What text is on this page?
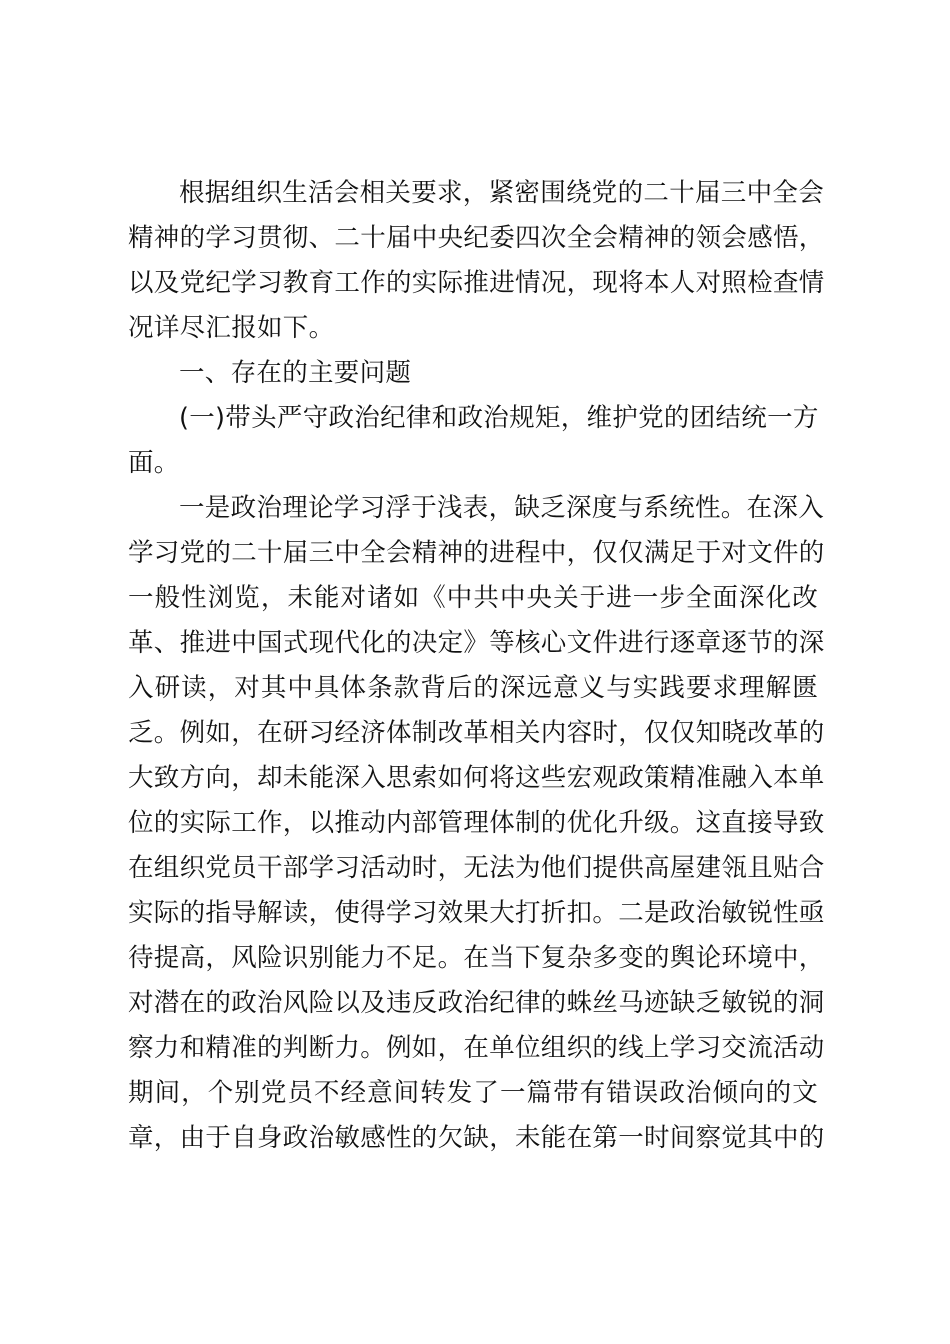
根据组织生活会相关要求，紧密围绕党的二十届三中全会
精神的学习贯彻、二十届中央纪委四次全会精神的领会感悟，
以及党纪学习教育工作的实际推进情况，现将本人对照检查情
况详尽汇报如下。
一、存在的主要问题
(一)带头严守政治纪律和政治规矩，维护党的团结统一方
面。
一是政治理论学习浮于浅表，缺乏深度与系统性。在深入
学习党的二十届三中全会精神的进程中，仅仅满足于对文件的
一般性浏览，未能对诸如《中共中央关于进一步全面深化改
革、推进中国式现代化的决定》等核心文件进行逐章逐节的深
入研读，对其中具体条款背后的深远意义与实践要求理解匮
乏。例如，在研习经济体制改革相关内容时，仅仅知晓改革的
大致方向，却未能深入思索如何将这些宏观政策精准融入本单
位的实际工作，以推动内部管理体制的优化升级。这直接导致
在组织党员干部学习活动时，无法为他们提供高屋建瓴且贴合
实际的指导解读，使得学习效果大打折扣。二是政治敏锐性亟
待提高，风险识别能力不足。在当下复杂多变的舆论环境中，
对潜在的政治风险以及违反政治纪律的蛛丝马迹缺乏敏锐的洞
察力和精准的判断力。例如，在单位组织的线上学习交流活动
期间，个别党员不经意间转发了一篇带有错误政治倾向的文
章，由于自身政治敏感性的欠缺，未能在第一时间察觉其中的
